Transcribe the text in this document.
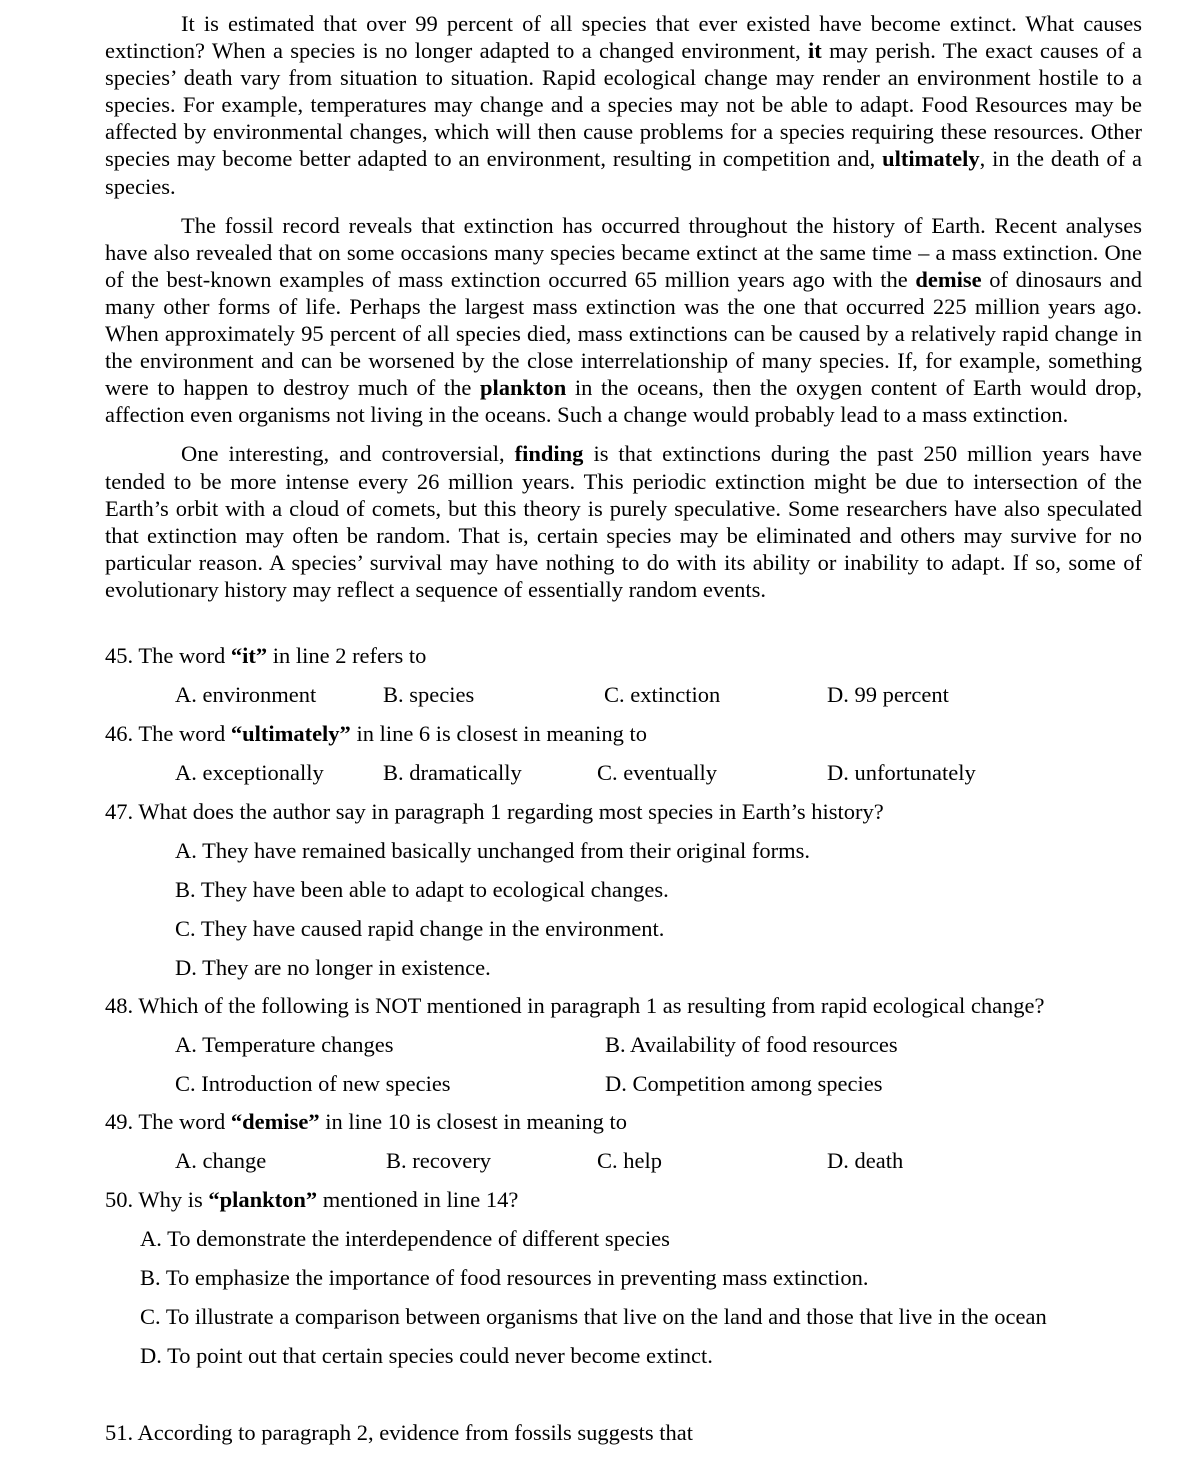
It is estimated that over 99 percent of all species that ever existed have become extinct. What causes extinction? When a species is no longer adapted to a changed environment, it may perish. The exact causes of a species’ death vary from situation to situation. Rapid ecological change may render an environment hostile to a species. For example, temperatures may change and a species may not be able to adapt. Food Resources may be affected by environmental changes, which will then cause problems for a species requiring these resources. Other species may become better adapted to an environment, resulting in competition and, ultimately, in the death of a species.

The fossil record reveals that extinction has occurred throughout the history of Earth. Recent analyses have also revealed that on some occasions many species became extinct at the same time – a mass extinction. One of the best-known examples of mass extinction occurred 65 million years ago with the demise of dinosaurs and many other forms of life. Perhaps the largest mass extinction was the one that occurred 225 million years ago. When approximately 95 percent of all species died, mass extinctions can be caused by a relatively rapid change in the environment and can be worsened by the close interrelationship of many species. If, for example, something were to happen to destroy much of the plankton in the oceans, then the oxygen content of Earth would drop, affection even organisms not living in the oceans. Such a change would probably lead to a mass extinction.

One interesting, and controversial, finding is that extinctions during the past 250 million years have tended to be more intense every 26 million years. This periodic extinction might be due to intersection of the Earth’s orbit with a cloud of comets, but this theory is purely speculative. Some researchers have also speculated that extinction may often be random. That is, certain species may be eliminated and others may survive for no particular reason. A species’ survival may have nothing to do with its ability or inability to adapt. If so, some of evolutionary history may reflect a sequence of essentially random events.

45. The word “it” in line 2 refers to
A. environment	B. species	C. extinction	D. 99 percent
46. The word “ultimately” in line 6 is closest in meaning to
A. exceptionally	B. dramatically	C. eventually	D. unfortunately
47. What does the author say in paragraph 1 regarding most species in Earth’s history?
A. They have remained basically unchanged from their original forms.
B. They have been able to adapt to ecological changes.
C. They have caused rapid change in the environment.
D. They are no longer in existence.
48. Which of the following is NOT mentioned in paragraph 1 as resulting from rapid ecological change?
A. Temperature changes	B. Availability of food resources
C. Introduction of new species	D. Competition among species
49. The word “demise” in line 10 is closest in meaning to
A. change	B. recovery	C. help	D. death
50. Why is “plankton” mentioned in line 14?
A. To demonstrate the interdependence of different species
B. To emphasize the importance of food resources in preventing mass extinction.
C. To illustrate a comparison between organisms that live on the land and those that live in the ocean
D. To point out that certain species could never become extinct.
51. According to paragraph 2, evidence from fossils suggests that
